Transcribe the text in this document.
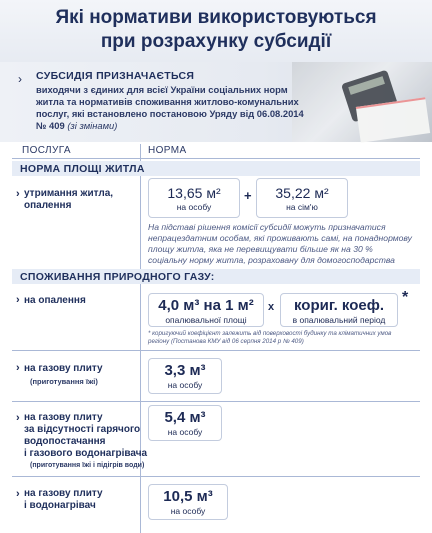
Які нормативи використовуються
при розрахунку субсидії
› СУБСИДІЯ ПРИЗНАЧАЄТЬСЯ
виходячи з єдиних для всієї України соціальних норм житла та нормативів споживання житлово-комунальних послуг, які встановлено постановою Уряду від 06.08.2014 № 409 (зі змінами)
ПОСЛУГА	НОРМА
НОРМА ПЛОЩІ ЖИТЛА
› утримання житла,
опалення
13,65 м²
на особу
+	35,22 м²
на сім'ю
На підставі рішення комісії субсидії можуть призначатися
непрацездатним особам, які проживають самі, на понаднормову
площу житла, яка не перевищувати більше як на 30 %
соціальну норму житла, розраховану для домогосподарства
СПОЖИВАННЯ ПРИРОДНОГО ГАЗУ:
› на опалення	4,0 м³ на 1 м²
опалювальної площі
х	кориг. коеф.
в опалювальний період
*
* коригуючий коефіцієнт залежить від поверховості будинку та кліматичних умов
регіону (Постанова КМУ від 06 серпня 2014 р № 409)
› на газову плиту
(приготування їжі)
3,3 м³
на особу
› на газову плиту
за відсутності гарячого
водопостачання
і газового водонагрівача
(приготування їжі і підігрів води)
5,4 м³
на особу
› на газову плиту
і водонагрівач
10,5 м³
на особу
